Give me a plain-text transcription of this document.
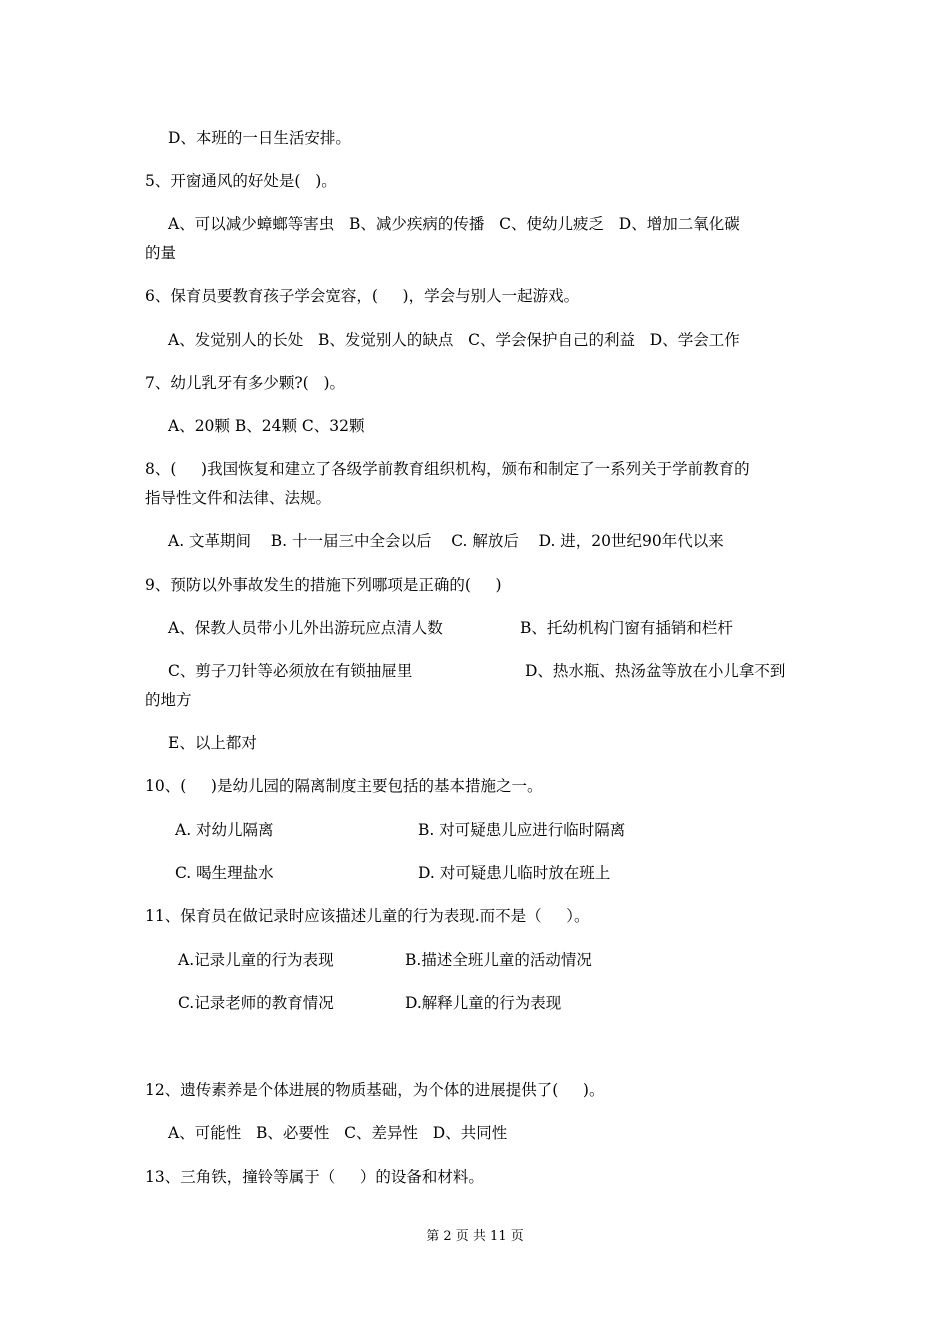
D、本班的一日生活安排。
5、开窗通风的好处是(   )。
A、可以减少蟑螂等害虫   B、减少疾病的传播   C、使幼儿疲乏   D、增加二氧化碳
的量
6、保育员要教育孩子学会宽容，(     )，学会与别人一起游戏。
A、发觉别人的长处   B、发觉别人的缺点   C、学会保护自己的利益   D、学会工作
7、幼儿乳牙有多少颗?(   )。
A、20颗 B、24颗 C、32颗
8、(     )我国恢复和建立了各级学前教育组织机构，颁布和制定了一系列关于学前教育的
指导性文件和法律、法规。
A. 文革期间    B. 十一届三中全会以后    C. 解放后    D. 进，20世纪90年代以来
9、预防以外事故发生的措施下列哪项是正确的(     )
A、保教人员带小儿外出游玩应点清人数	B、托幼机构门窗有插销和栏杆
C、剪子刀针等必须放在有锁抽屉里	D、热水瓶、热汤盆等放在小儿拿不到
的地方
E、以上都对
10、(     )是幼儿园的隔离制度主要包括的基本措施之一。
A. 对幼儿隔离	B. 对可疑患儿应进行临时隔离
C. 喝生理盐水	D. 对可疑患儿临时放在班上
11、保育员在做记录时应该描述儿童的行为表现.而不是（     ）。
A.记录儿童的行为表现	B.描述全班儿童的活动情况
C.记录老师的教育情况	D.解释儿童的行为表现
12、遗传素养是个体进展的物质基础，为个体的进展提供了(     )。
A、可能性   B、必要性   C、差异性   D、共同性
13、三角铁，撞铃等属于（     ）的设备和材料。
第 2 页 共 11 页
